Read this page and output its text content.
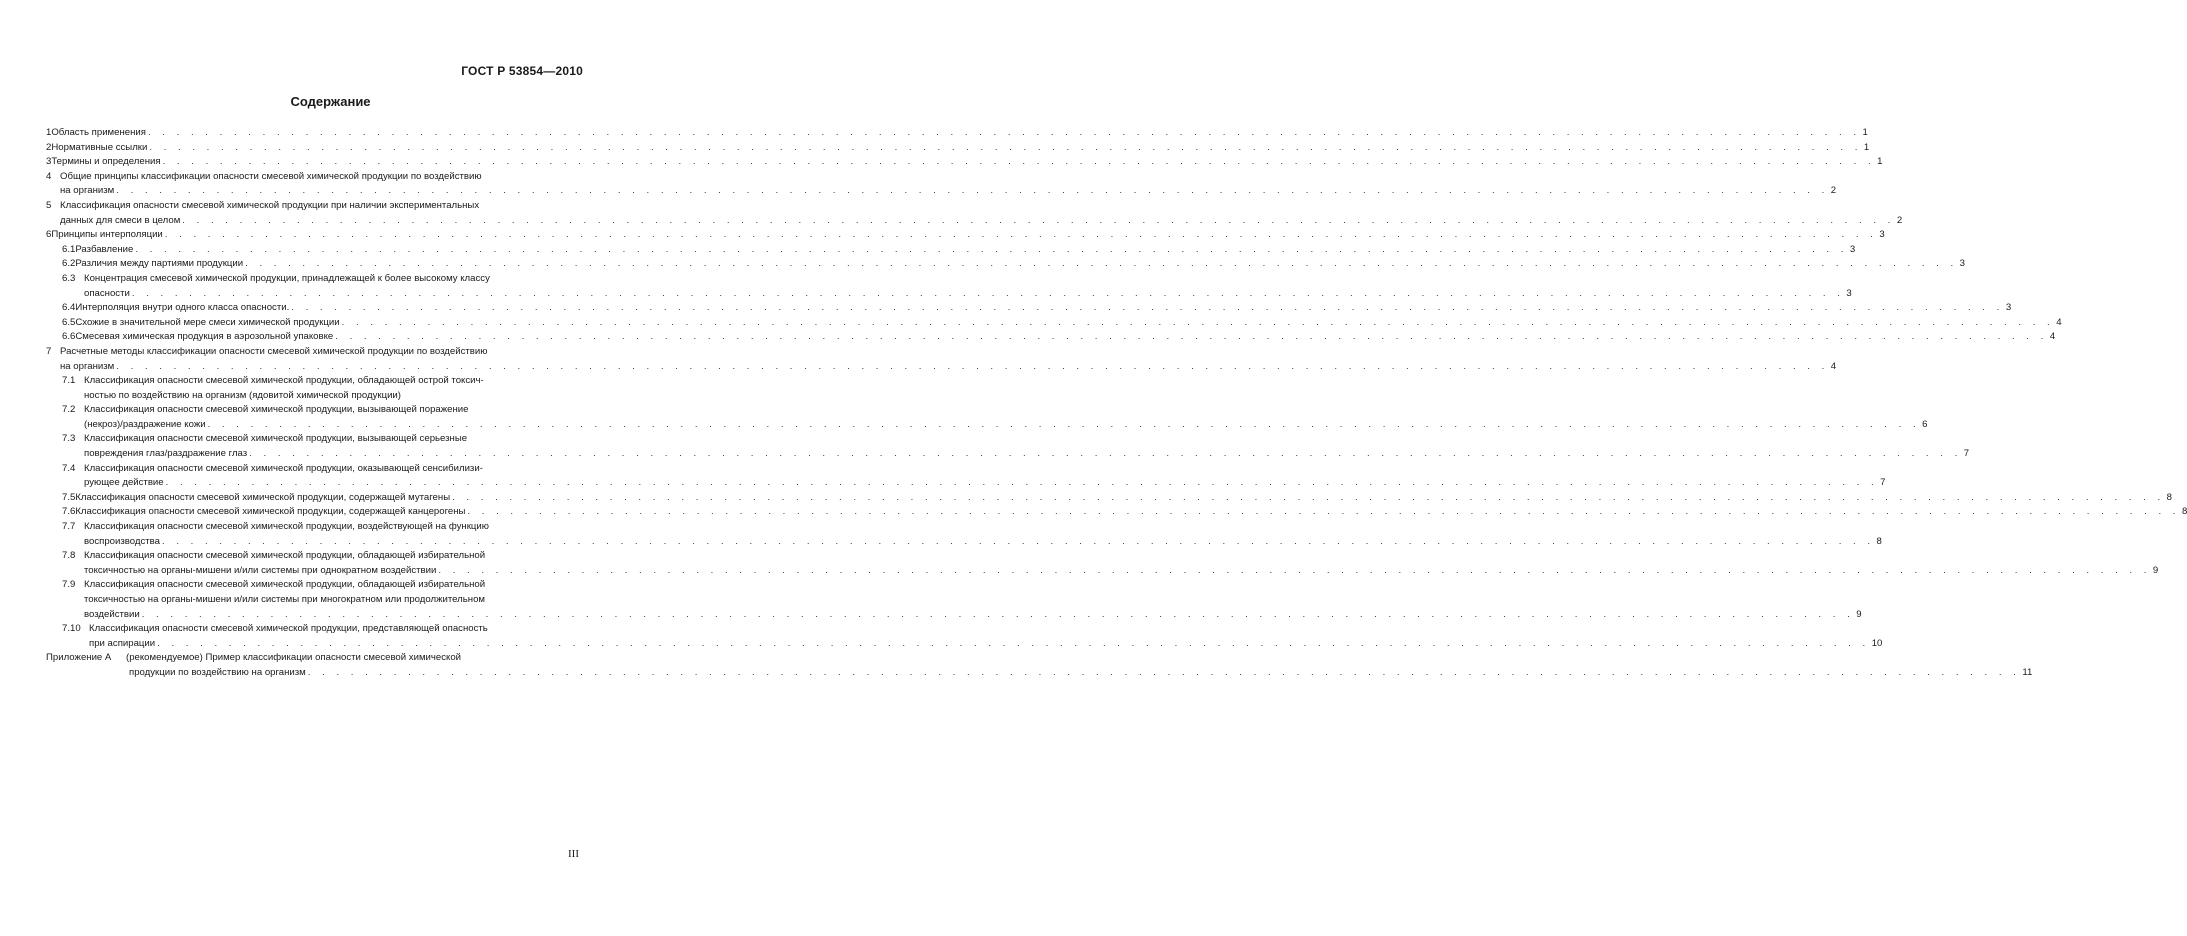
ГОСТ Р 53854—2010
Содержание
1 Область применения . . . . . . . . . . . . . . . . . . . . . . . . . . . . . . . . . . . . . . . . . . . . . . . . . . . . . . . . . . . . . . . . . . . . . . . . . . . . . . . . . . . . . . . . . . . . . . . . . . . . . . . . . . . . . . . . . . . . . . . . 1
2 Нормативные ссылки . . . . . . . . . . . . . . . . . . . . . . . . . . . . . . . . . . . . . . . . . . . . . . . . . . . . . . . . . . . . . . . . . . . . . . . . . . . . . . . . . . . . . . . . . . . . . . . . . . . . . . . . . . . . . . . . . . . . . . . . 1
3 Термины и определения . . . . . . . . . . . . . . . . . . . . . . . . . . . . . . . . . . . . . . . . . . . . . . . . . . . . . . . . . . . . . . . . . . . . . . . . . . . . . . . . . . . . . . . . . . . . . . . . . . . . . . . . . . . . . . . . . . . . . . . . 1
4 Общие принципы классификации опасности смесевой химической продукции по воздействию
на организм . . . . . . . . . . . . . . . . . . . . . . . . . . . . . . . . . . . . . . . . . . . . . . . . . . . . . . . . . . . . . . . . . . . . . . . . . . . . . . . . . . . . . . . . . . . . . . . . . . . . . . . . . . . . . . . . . . . . . . . . 2
5 Классификация опасности смесевой химической продукции при наличии экспериментальных
данных для смеси в целом . . . . . . . . . . . . . . . . . . . . . . . . . . . . . . . . . . . . . . . . . . . . . . . . . . . . . . . . . . . . . . . . . . . . . . . . . . . . . . . . . . . . . . . . . . . . . . . . . . . . . . . . . . . . . . . . . . . . . . . . 2
6 Принципы интерполяции . . . . . . . . . . . . . . . . . . . . . . . . . . . . . . . . . . . . . . . . . . . . . . . . . . . . . . . . . . . . . . . . . . . . . . . . . . . . . . . . . . . . . . . . . . . . . . . . . . . . . . . . . . . . . . . . . . . . . . . . 3
6.1 Разбавление . . . . . . . . . . . . . . . . . . . . . . . . . . . . . . . . . . . . . . . . . . . . . . . . . . . . . . . . . . . . . . . . . . . . . . . . . . . . . . . . . . . . . . . . . . . . . . . . . . . . . . . . . . . . . . . . . . . . . . . . 3
6.2 Различия между партиями продукции . . . . . . . . . . . . . . . . . . . . . . . . . . . . . . . . . . . . . . . . . . . . . . . . . . . . . . . . . . . . . . . . . . . . . . . . . . . . . . . . . . . . . . . . . . . . . . . . . . . . . . . . . . . . . . . . . . . . . . . . 3
6.3 Концентрация смесевой химической продукции, принадлежащей к более высокому классу
опасности . . . . . . . . . . . . . . . . . . . . . . . . . . . . . . . . . . . . . . . . . . . . . . . . . . . . . . . . . . . . . . . . . . . . . . . . . . . . . . . . . . . . . . . . . . . . . . . . . . . . . . . . . . . . . . . . . . . . . . . . 3
6.4 Интерполяция внутри одного класса опасности. . . . . . . . . . . . . . . . . . . . . . . . . . . . . . . . . . . . . . . . . . . . . . . . . . . . . . . . . . . . . . . . . . . . . . . . . . . . . . . . . . . . . . . . . . . . . . . . . . . . . . . . . . . . . . . . . . . . . . . . . 3
6.5 Схожие в значительной мере смеси химической продукции . . . . . . . . . . . . . . . . . . . . . . . . . . . . . . . . . . . . . . . . . . . . . . . . . . . . . . . . . . . . . . . . . . . . . . . . . . . . . . . . . . . . . . . . . . . . . . . . . . . . . . . . . . . . . . . . . . . . . . . . 4
6.6 Смесевая химическая продукция в аэрозольной упаковке . . . . . . . . . . . . . . . . . . . . . . . . . . . . . . . . . . . . . . . . . . . . . . . . . . . . . . . . . . . . . . . . . . . . . . . . . . . . . . . . . . . . . . . . . . . . . . . . . . . . . . . . . . . . . . . . . . . . . . . . 4
7 Расчетные методы классификации опасности смесевой химической продукции по воздействию
на организм . . . . . . . . . . . . . . . . . . . . . . . . . . . . . . . . . . . . . . . . . . . . . . . . . . . . . . . . . . . . . . . . . . . . . . . . . . . . . . . . . . . . . . . . . . . . . . . . . . . . . . . . . . . . . . . . . . . . . . . . 4
7.1 Классификация опасности смесевой химической продукции, обладающей острой токсич-
ностью по воздействию на организм (ядовитой химической продукции)
7.2 Классификация опасности смесевой химической продукции, вызывающей поражение
(некроз)/раздражение кожи . . . . . . . . . . . . . . . . . . . . . . . . . . . . . . . . . . . . . . . . . . . . . . . . . . . . . . . . . . . . . . . . . . . . . . . . . . . . . . . . . . . . . . . . . . . . . . . . . . . . . . . . . . . . . . . . . . . . . . . . 6
7.3 Классификация опасности смесевой химической продукции, вызывающей серьезные
повреждения глаз/раздражение глаз . . . . . . . . . . . . . . . . . . . . . . . . . . . . . . . . . . . . . . . . . . . . . . . . . . . . . . . . . . . . . . . . . . . . . . . . . . . . . . . . . . . . . . . . . . . . . . . . . . . . . . . . . . . . . . . . . . . . . . . . 7
7.4 Классификация опасности смесевой химической продукции, оказывающей сенсибилизи-
рующее действие . . . . . . . . . . . . . . . . . . . . . . . . . . . . . . . . . . . . . . . . . . . . . . . . . . . . . . . . . . . . . . . . . . . . . . . . . . . . . . . . . . . . . . . . . . . . . . . . . . . . . . . . . . . . . . . . . . . . . . . . 7
7.5 Классификация опасности смесевой химической продукции, содержащей мутагены . . . . . . . . . . . . . . . . . . . . . . . . . . . . . . . . . . . . . . . . . . . . . . . . . . . . . . . . . . . . . . . . . . . . . . . . . . . . . . . . . . . . . . . . . . . . . . . . . . . . . . . . . . . . . . . . . . . . . . . . 8
7.6 Классификация опасности смесевой химической продукции, содержащей канцерогены . . . . . . . . . . . . . . . . . . . . . . . . . . . . . . . . . . . . . . . . . . . . . . . . . . . . . . . . . . . . . . . . . . . . . . . . . . . . . . . . . . . . . . . . . . . . . . . . . . . . . . . . . . . . . . . . . . . . . . . . 8
7.7 Классификация опасности смесевой химической продукции, воздействующей на функцию
воспроизводства . . . . . . . . . . . . . . . . . . . . . . . . . . . . . . . . . . . . . . . . . . . . . . . . . . . . . . . . . . . . . . . . . . . . . . . . . . . . . . . . . . . . . . . . . . . . . . . . . . . . . . . . . . . . . . . . . . . . . . . . 8
7.8 Классификация опасности смесевой химической продукции, обладающей избирательной
токсичностью на органы-мишени и/или системы при однократном воздействии . . . . . . . . . . . . . . . . . . . . . . . . . . . . . . . . . . . . . . . . . . . . . . . . . . . . . . . . . . . . . . . . . . . . . . . . . . . . . . . . . . . . . . . . . . . . . . . . . . . . . . . . . . . . . . . . . . . . . . . . 9
7.9 Классификация опасности смесевой химической продукции, обладающей избирательной
токсичностью на органы-мишени и/или системы при многократном или продолжительном
воздействии . . . . . . . . . . . . . . . . . . . . . . . . . . . . . . . . . . . . . . . . . . . . . . . . . . . . . . . . . . . . . . . . . . . . . . . . . . . . . . . . . . . . . . . . . . . . . . . . . . . . . . . . . . . . . . . . . . . . . . . . 9
7.10 Классификация опасности смесевой химической продукции, представляющей опасность
при аспирации . . . . . . . . . . . . . . . . . . . . . . . . . . . . . . . . . . . . . . . . . . . . . . . . . . . . . . . . . . . . . . . . . . . . . . . . . . . . . . . . . . . . . . . . . . . . . . . . . . . . . . . . . . . . . . . . . . . . . . . . 10
Приложение А (рекомендуемое) Пример классификации опасности смесевой химической
продукции по воздействию на организм . . . . . . . . . . . . . . . . . . . . . . . . . . . . . . . . . . . . . . . . . . . . . . . . . . . . . . . . . . . . . . . . . . . . . . . . . . . . . . . . . . . . . . . . . . . . . . . . . . . . . . . . . . . . . . . . . . . . . . . . 11
III
